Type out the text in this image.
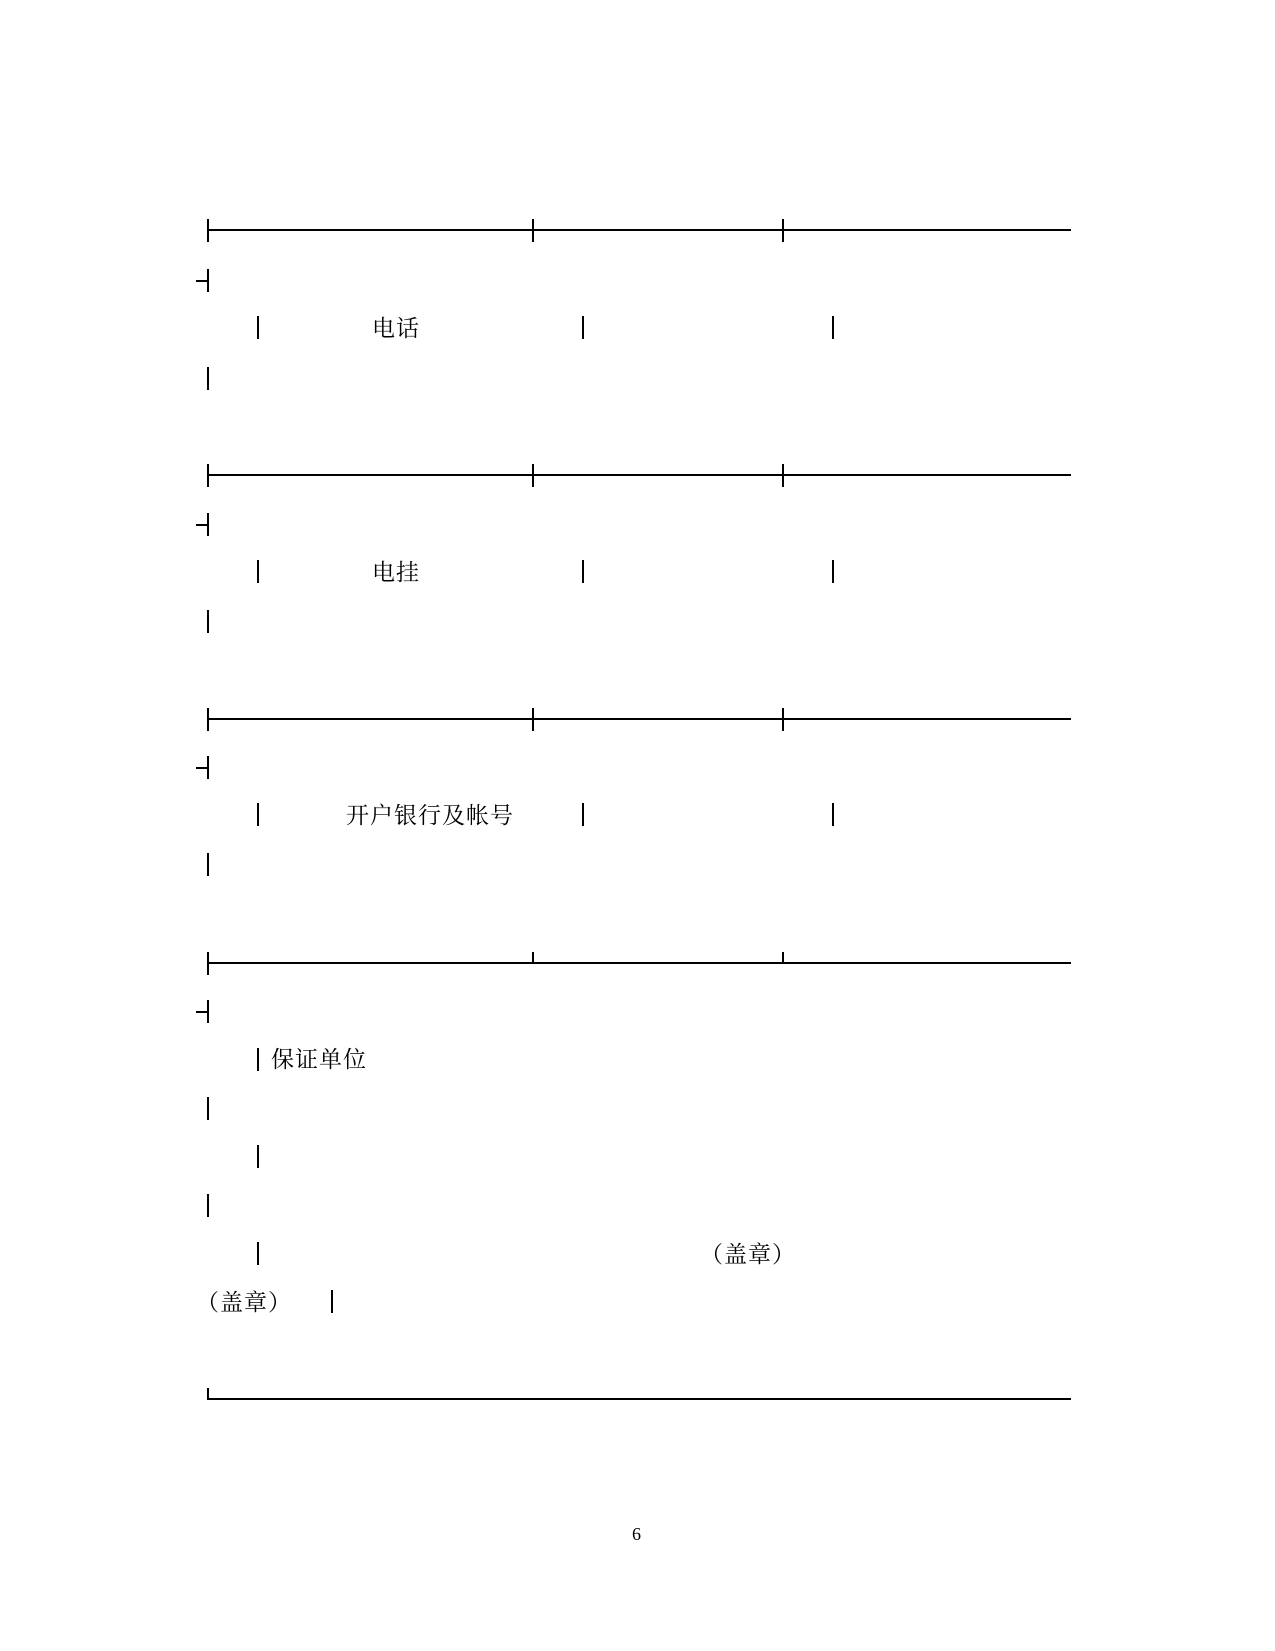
电话
电挂
开户银行及帐号
保证单位
（盖章）
（盖章）
6
